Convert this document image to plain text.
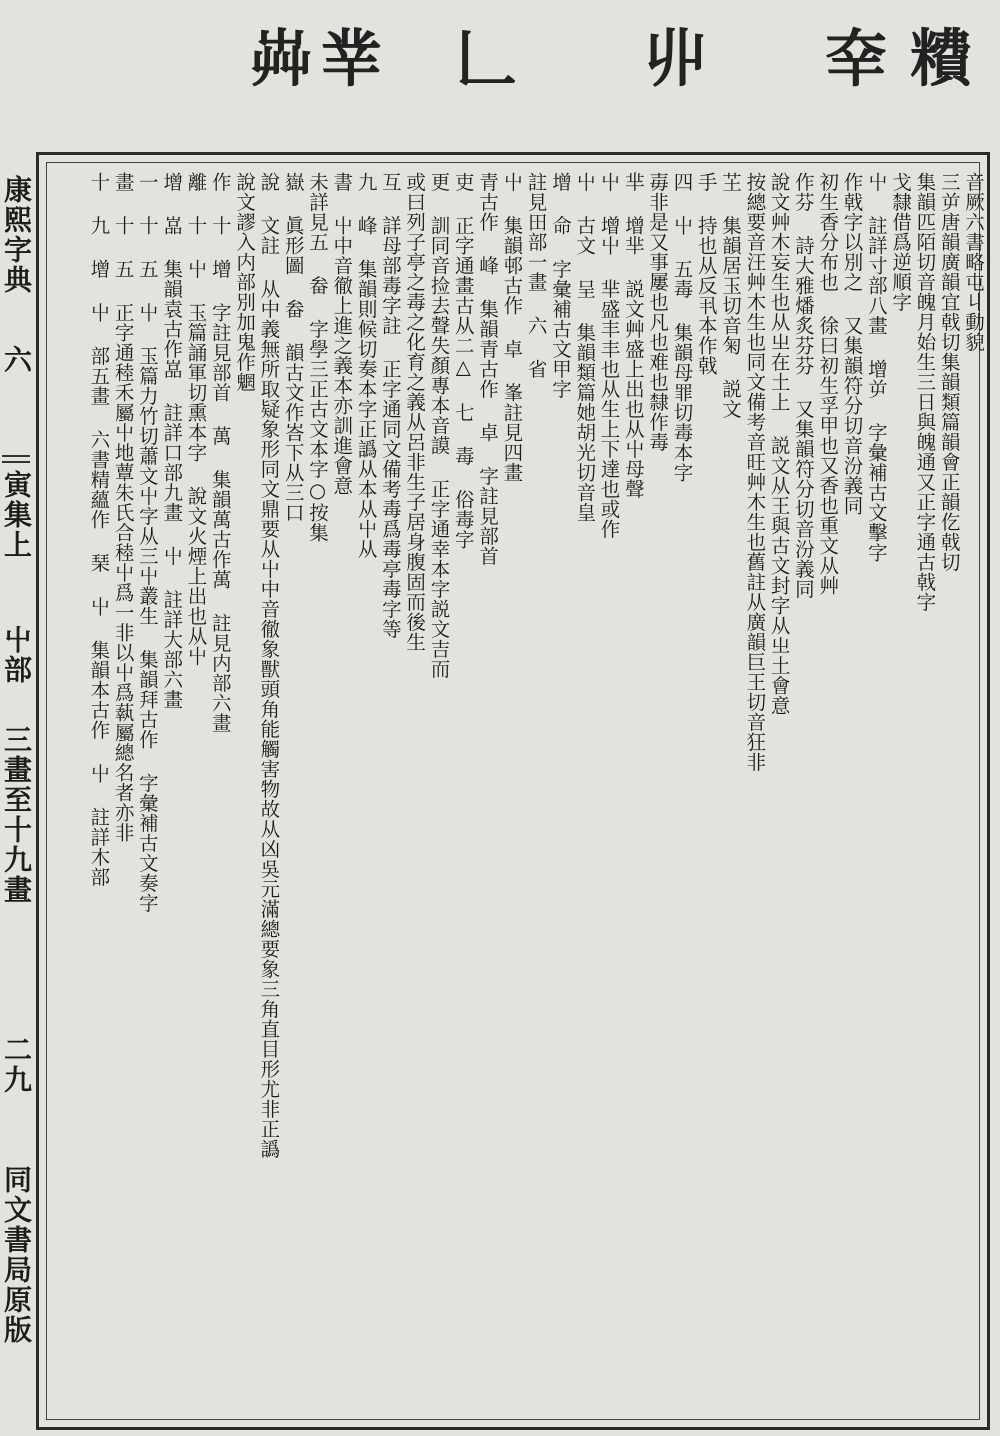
芔 丵 𠃊 丱 㚔 䊧
康熙字典
六
寅集上
屮部
三畫至十九畫
二九
同文書局原版
音厥六書略屯丩動貌
三屰唐韻廣韻宜戟切集韻類篇韻會正韻仡戟切
集韻匹陌切音魄月始生三日與魄通又正字通古戟字
戈隸借爲逆順字
屮 註詳寸部八畫 增屰 字彙補古文擊字
作戟字以別之 又集韻符分切音汾義同
初生香分布也 徐曰初生孚甲也又香也重文从艸
作芬 詩大雅燔炙芬芬 又集韻符分切音汾義同
說文艸木妄生也从㞢在土上 説文从王與古文封字从㞢土會意
按總要音汪艸木生也同文備考音旺艸木生也舊註从廣韻巨王切音狂非
芏 集韻居玉切音匊 説文
手 持也从反丮本作戟
四 屮 五毒 集韻母罪切毒本字
毐非是又事屢也凡也难也隸作毒
芈 增芈 説文艸盛上出也从屮母聲
屮 增屮 芈盛丰丰也从生上下達也或作
屮 古文 呈 集韻類篇她胡光切音皇
增 命 字彙補古文甲字
註見田部一畫 六 省
屮 集韻邨古作 卓 峯註見四畫
青古作 峰 集韻青古作 卓 字註見部首
吏 正字通畫古从二△ 七 毒 俗毒字
更 訓同音捡去聲失顏專本音謨 正字通幸本字説文吉而
或曰列子亭之毒之化育之義从呂非生子居身腹固而後生
互 詳母部毒字註 正字通同文備考毒爲毒亭毒字等
九 峰 集韻則候切奏本字正譌从本从屮从
書 屮中音徹上進之義本亦訓進會意
未詳見五 畚 字學三正古文本字○按集
嶽 眞形圖 畚 韻古文作峇下从三口
說 文註 从中義無所取疑象形同文鼎要从屮中音徹象獸頭角能觸害物故从凶吳元滿總要象三角直目形尤非正譌
說文謬入内部別加鬼作魍
作 十 增 字註見部首 萬 集韻萬古作萬 註見内部六畫
離 十 屮 玉篇誦軍切熏本字 說文火煙上出也从屮
增 嵓 集韻袁古作嵓 註詳口部九畫 屮 註詳大部六畫
一 十 五 屮 玉篇力竹切蕭文屮字从三屮叢生 集韻拜古作 字彙補古文奏字
畫 十 五 正字通稑禾屬屮地蕈朱氏合稑屮爲一非以屮爲蓻屬總名者亦非
十 九 增 屮 部五畫 六書精蘊作 琹 屮 集韻本古作 屮 註詳木部
